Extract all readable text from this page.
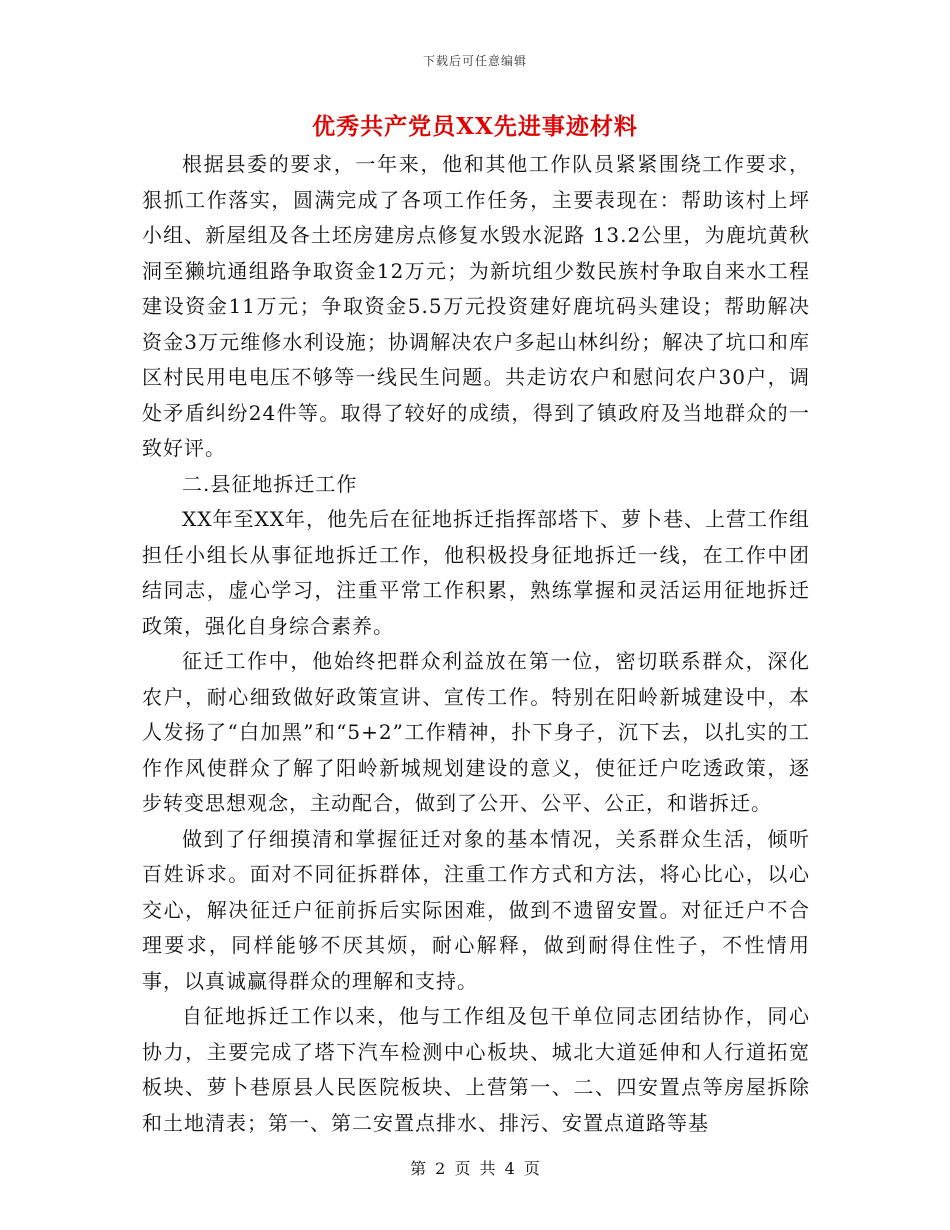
下载后可任意编辑
优秀共产党员XX先进事迹材料

根据县委的要求，一年来，他和其他工作队员紧紧围绕工作要求，狠抓工作落实，圆满完成了各项工作任务，主要表现在：帮助该村上坪小组、新屋组及各土坯房建房点修复水毁水泥路 13.2公里，为鹿坑黄秋洞至獭坑通组路争取资金12万元；为新坑组少数民族村争取自来水工程建设资金11万元；争取资金5.5万元投资建好鹿坑码头建设；帮助解决资金3万元维修水利设施；协调解决农户多起山林纠纷；解决了坑口和库区村民用电电压不够等一线民生问题。共走访农户和慰问农户30户，调处矛盾纠纷24件等。取得了较好的成绩，得到了镇政府及当地群众的一致好评。

二.县征地拆迁工作

XX年至XX年，他先后在征地拆迁指挥部塔下、萝卜巷、上营工作组担任小组长从事征地拆迁工作，他积极投身征地拆迁一线，在工作中团结同志，虚心学习，注重平常工作积累，熟练掌握和灵活运用征地拆迁政策，强化自身综合素养。

征迁工作中，他始终把群众利益放在第一位，密切联系群众，深化农户，耐心细致做好政策宣讲、宣传工作。特别在阳岭新城建设中，本人发扬了“白加黑”和“5+2”工作精神，扑下身子，沉下去，以扎实的工作作风使群众了解了阳岭新城规划建设的意义，使征迁户吃透政策，逐步转变思想观念，主动配合，做到了公开、公平、公正，和谐拆迁。

做到了仔细摸清和掌握征迁对象的基本情况，关系群众生活，倾听百姓诉求。面对不同征拆群体，注重工作方式和方法，将心比心，以心交心，解决征迁户征前拆后实际困难，做到不遗留安置。对征迁户不合理要求，同样能够不厌其烦，耐心解释，做到耐得住性子，不性情用事，以真诚赢得群众的理解和支持。

自征地拆迁工作以来，他与工作组及包干单位同志团结协作，同心协力，主要完成了塔下汽车检测中心板块、城北大道延伸和人行道拓宽板块、萝卜巷原县人民医院板块、上营第一、二、四安置点等房屋拆除和土地清表；第一、第二安置点排水、排污、安置点道路等基

第 2 页 共 4 页
